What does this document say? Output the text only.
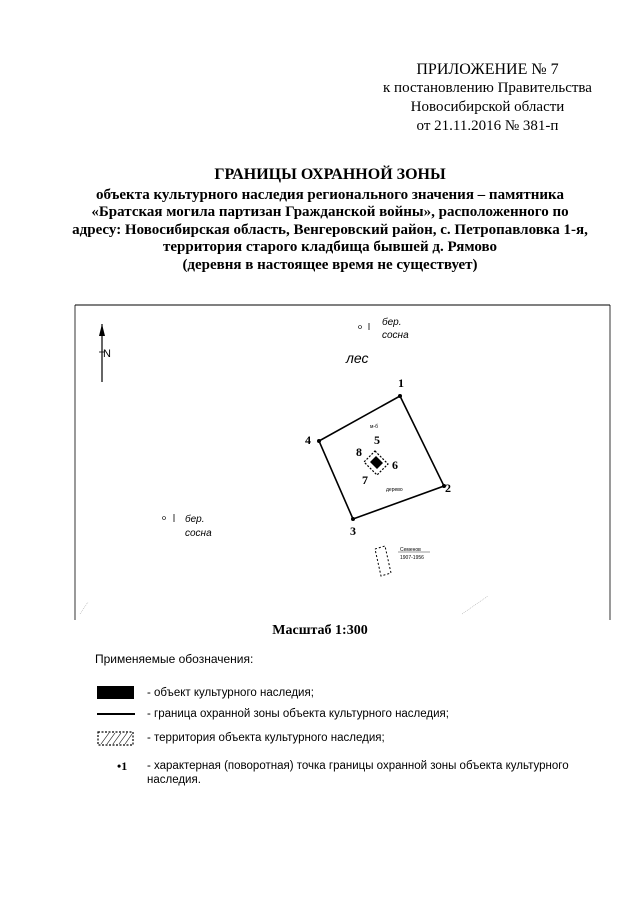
ПРИЛОЖЕНИЕ № 7
к постановлению Правительства
Новосибирской области
от 21.11.2016 № 381-п
ГРАНИЦЫ ОХРАННОЙ ЗОНЫ
объекта культурного наследия регионального значения – памятника
«Братская могила партизан Гражданской войны», расположенного по
адресу: Новосибирская область, Венгеровский район, с. Петропавловка 1-я,
территория старого кладбища бывшей д. Рямово
(деревня в настоящее время не существует)
N
бер.
сосна
лес
бер.
сосна
1
2
3
4	5
6
7
8
м-б
дерево
Семенов
1907-1956
Масштаб 1:300
Применяемые обозначения:
- объект культурного наследия;
- граница охранной зоны объекта культурного наследия;
- территория объекта культурного наследия;
•1 - характерная (поворотная) точка границы охранной зоны объекта культурного наследия.
